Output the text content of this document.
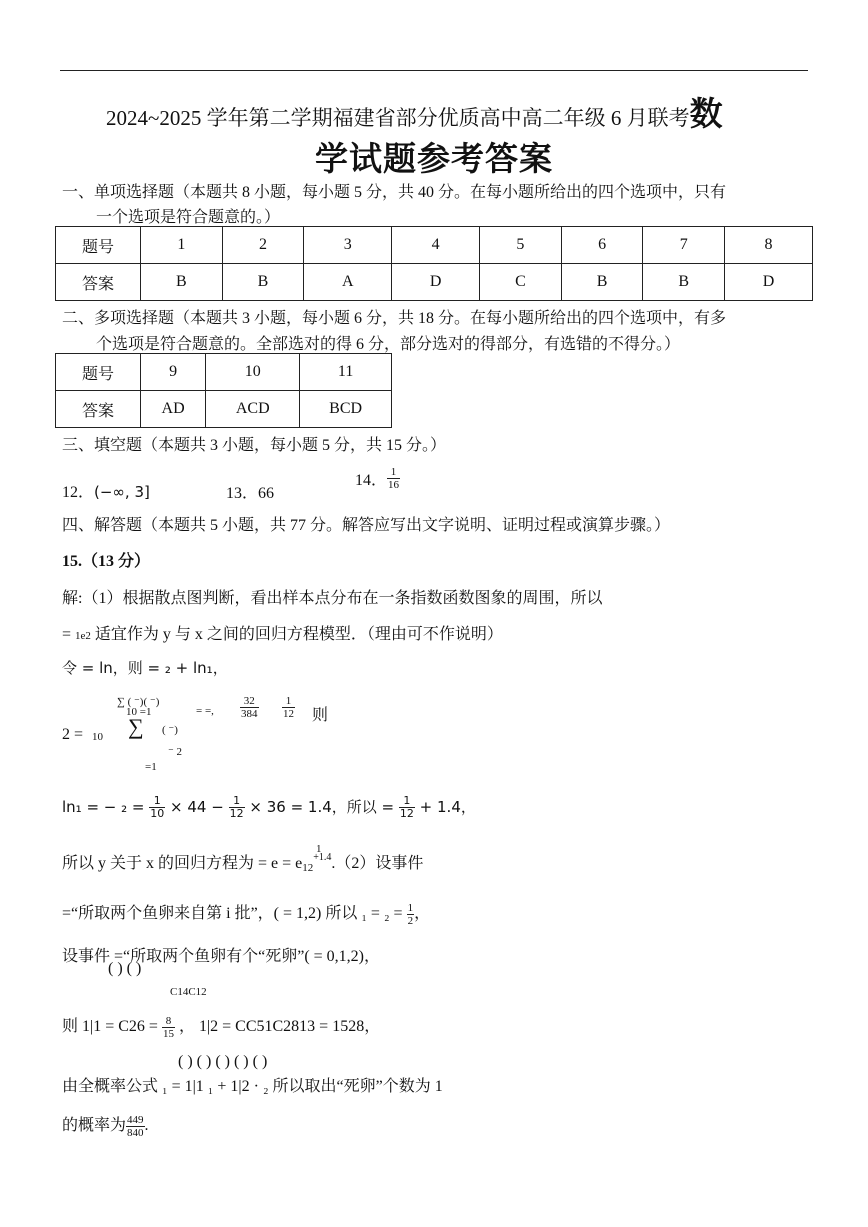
2024~2025 学年第二学期福建省部分优质高中高二年级 6 月联考数
学试题参考答案
一、单项选择题（本题共 8 小题，每小题 5 分，共 40 分。在每小题所给出的四个选项中，只有
一个选项是符合题意的。）
题号	1	2	3	4	5	6	7	8
答案	B	B	A	D	C	B	B	D
二、多项选择题（本题共 3 小题，每小题 6 分，共 18 分。在每小题所给出的四个选项中，有多
个选项是符合题意的。全部选对的得 6 分，部分选对的得部分，有选错的不得分。）
题号	9	10	11
答案	AD	ACD	BCD
三、填空题（本题共 3 小题，每小题 5 分，共 15 分。）
12．(−∞, 3]	13．66
14． $\frac{1}{16}$
四、解答题（本题共 5 小题，共 77 分。解答应写出文字说明、证明过程或演算步骤。）
15.（13 分）
解:（1）根据散点图判断，看出样本点分布在一条指数函数图象的周围，所以
= 1e2 适宜作为 y 与 x 之间的回归方程模型．（理由可不作说明）
令 = ln，则 = ₂ + ln₁，
∑ ( ⁻)( ⁻)
10 =1
∑ ( ⁻)
⁻ 2
=1
2 = 10
= =, $\frac{32}{384} \frac{1}{12}$ 则
ln₁ = − $_2 = \frac{1}{10} \times 44 - \frac{1}{12} \times 36 = 1.4$，所以 = $\frac{1}{12} + 1.4$，
所以 y 关于 x 的回归方程为 = $e = e_{12}^{+1.4}.(2)$设事件
1
=“所取两个鱼卵来自第 i 批”，( = 1,2) 所以 $_1 = _2 = \frac{1}{2}$ ，
设事件 =“所取两个鱼卵有个“死卵”( = 0,1,2)，
( ) ( )
C14C12
则 $1|1 = C26 = \frac{8}{15}$ ， 1|2 = CC51C2813 = 1528，
( ) ( ) ( ) ( ) ( )
由全概率公式 ₁ = 1|1 ₁ + 1|2 · ₂ 所以取出“死卵”个数为 1
的概率为 $\frac{449}{840}$ .
